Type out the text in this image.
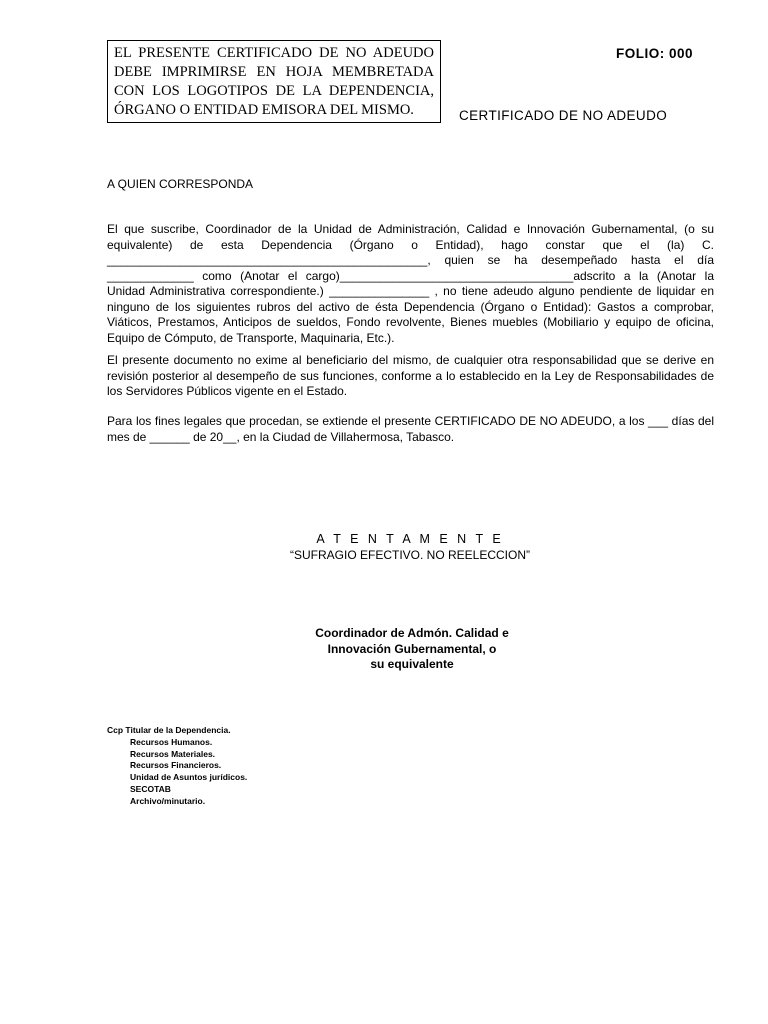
EL PRESENTE CERTIFICADO DE NO ADEUDO
DEBE IMPRIMIRSE EN HOJA MEMBRETADA
CON LOS LOGOTIPOS DE LA DEPENDENCIA,
ÓRGANO O ENTIDAD EMISORA DEL MISMO.
FOLIO: 000
CERTIFICADO DE NO ADEUDO
A QUIEN CORRESPONDA
El que suscribe, Coordinador de la Unidad de Administración, Calidad e Innovación Gubernamental, (o su equivalente) de esta Dependencia (Órgano o Entidad), hago constar que el (la) C. ________________________________________________, quien se ha desempeñado hasta el día _____________ como (Anotar el cargo)___________________________________adscrito a la (Anotar la Unidad Administrativa correspondiente.) _______________ , no tiene adeudo alguno pendiente de liquidar en ninguno de los siguientes rubros del activo de ésta Dependencia (Órgano o Entidad): Gastos a comprobar, Viáticos, Prestamos, Anticipos de sueldos, Fondo revolvente, Bienes muebles (Mobiliario y equipo de oficina, Equipo de Cómputo, de Transporte, Maquinaria, Etc.).
El presente documento no exime al beneficiario del mismo, de cualquier otra responsabilidad que se derive en revisión posterior al desempeño de sus funciones, conforme a lo establecido en la Ley de Responsabilidades de los Servidores Públicos vigente en el Estado.
Para los fines legales que procedan, se extiende el presente CERTIFICADO DE NO ADEUDO, a los ___ días del mes de ______ de 20__, en la Ciudad de Villahermosa, Tabasco.
A T E N T A M E N T E
“SUFRAGIO EFECTIVO. NO REELECCION”
Coordinador de Admón. Calidad e
Innovación Gubernamental, o
su equivalente
Ccp Titular de la Dependencia.
Recursos Humanos.
Recursos Materiales.
Recursos Financieros.
Unidad de Asuntos jurídicos.
SECOTAB
Archivo/minutario.
